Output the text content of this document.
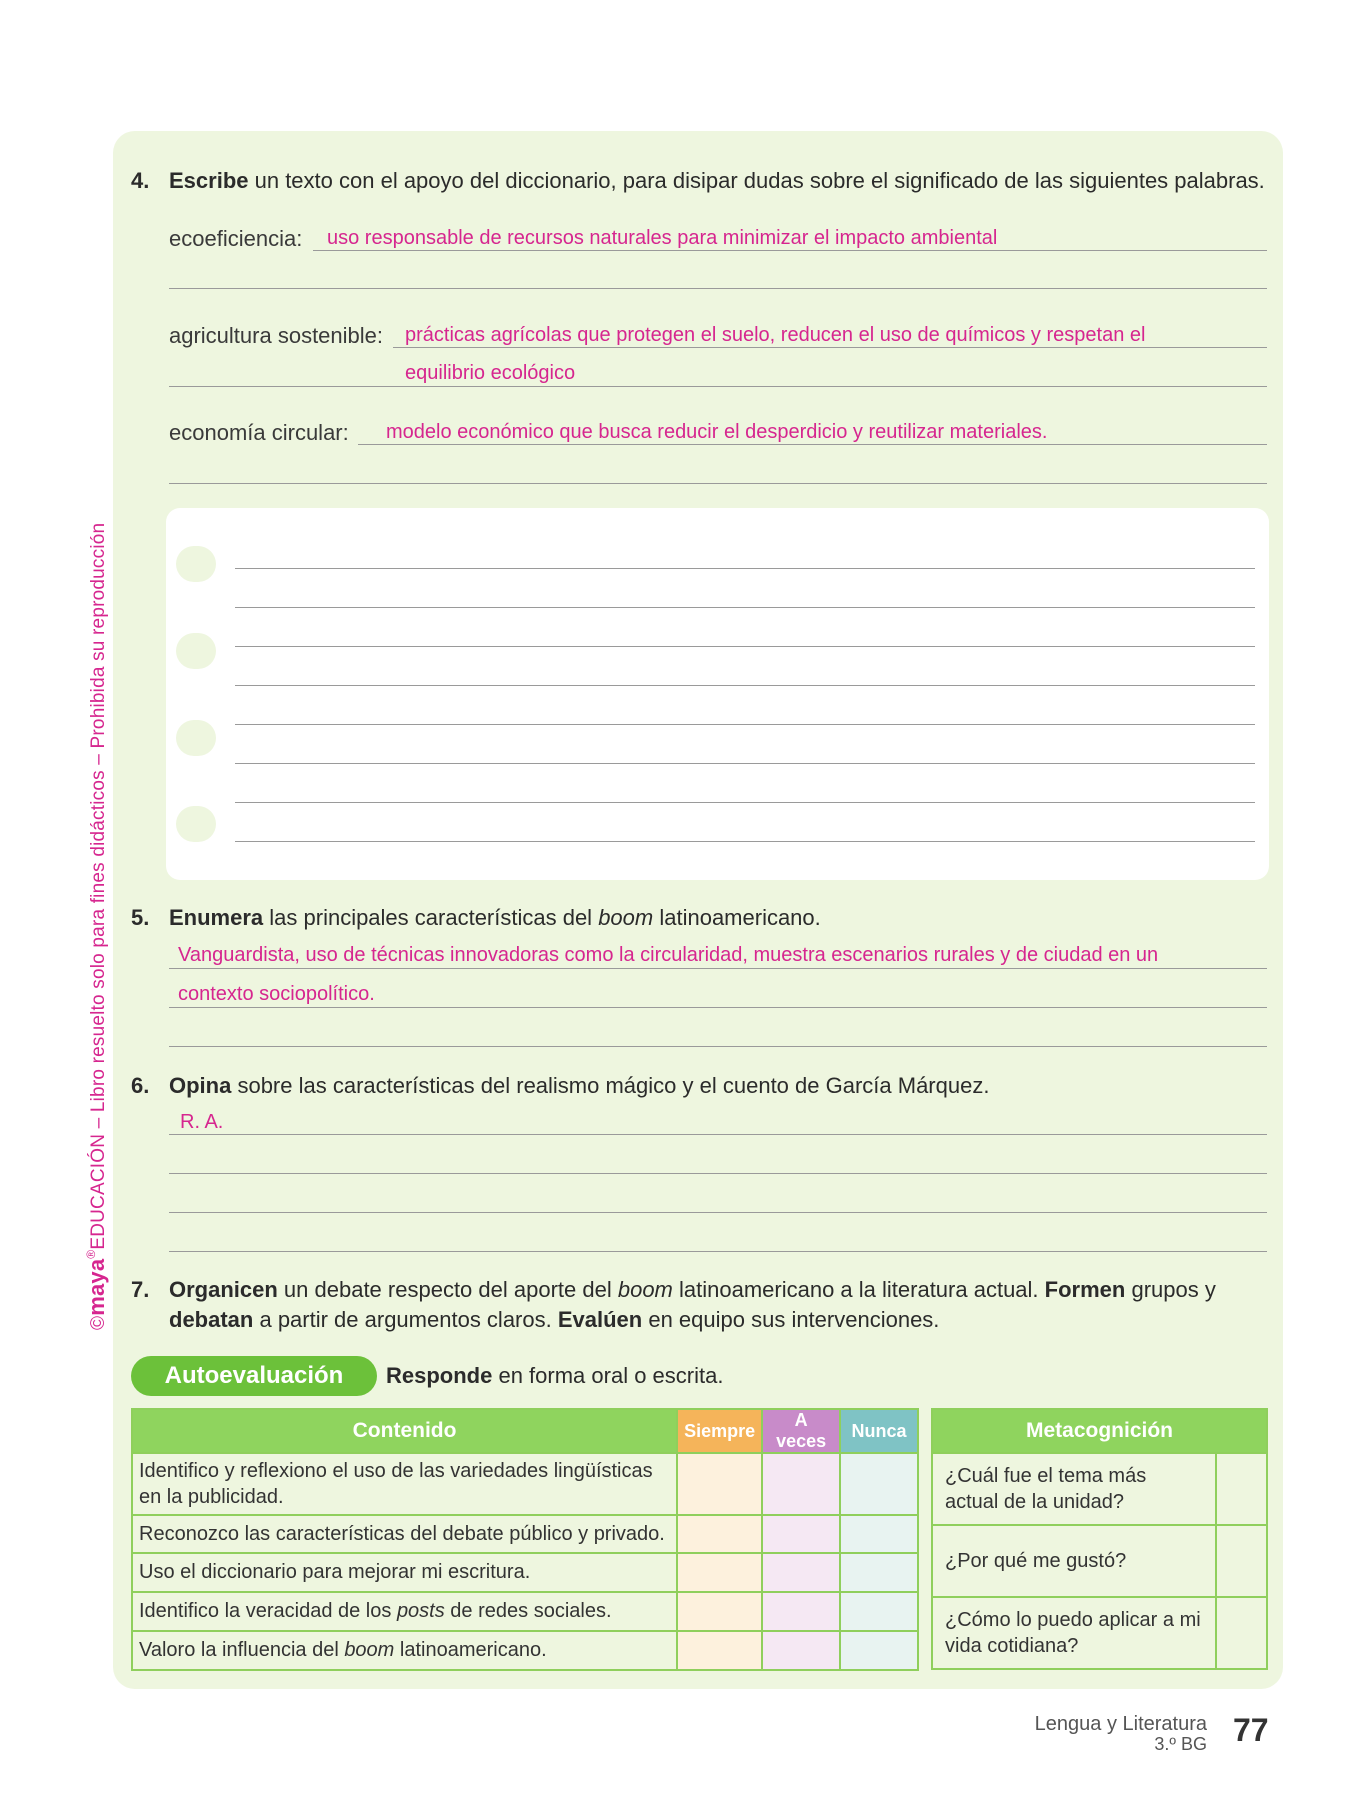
©maya®EDUCACIÓN – Libro resuelto solo para fines didácticos – Prohibida su reproducción
4. Escribe un texto con el apoyo del diccionario, para disipar dudas sobre el significado de las siguientes palabras.
ecoeficiencia: uso responsable de recursos naturales para minimizar el impacto ambiental
agricultura sostenible: prácticas agrícolas que protegen el suelo, reducen el uso de químicos y respetan el
equilibrio ecológico
economía circular: modelo económico que busca reducir el desperdicio y reutilizar materiales.
5. Enumera las principales características del boom latinoamericano.
Vanguardista, uso de técnicas innovadoras como la circularidad, muestra escenarios rurales y de ciudad en un
contexto sociopolítico.
6. Opina sobre las características del realismo mágico y el cuento de García Márquez.
R. A.
7. Organicen un debate respecto del aporte del boom latinoamericano a la literatura actual. Formen grupos y
debatan a partir de argumentos claros. Evalúen en equipo sus intervenciones.
Autoevaluación	Responde en forma oral o escrita.
Contenido	Siempre	A veces	Nunca
Identifico y reflexiono el uso de las variedades lingüísticas en la publicidad.			
Reconozco las características del debate público y privado.			
Uso el diccionario para mejorar mi escritura.			
Identifico la veracidad de los posts de redes sociales.			
Valoro la influencia del boom latinoamericano.			
Metacognición	
¿Cuál fue el tema más actual de la unidad?	
¿Por qué me gustó?	
¿Cómo lo puedo aplicar a mi vida cotidiana?	
Lengua y Literatura
3.º BG 77
